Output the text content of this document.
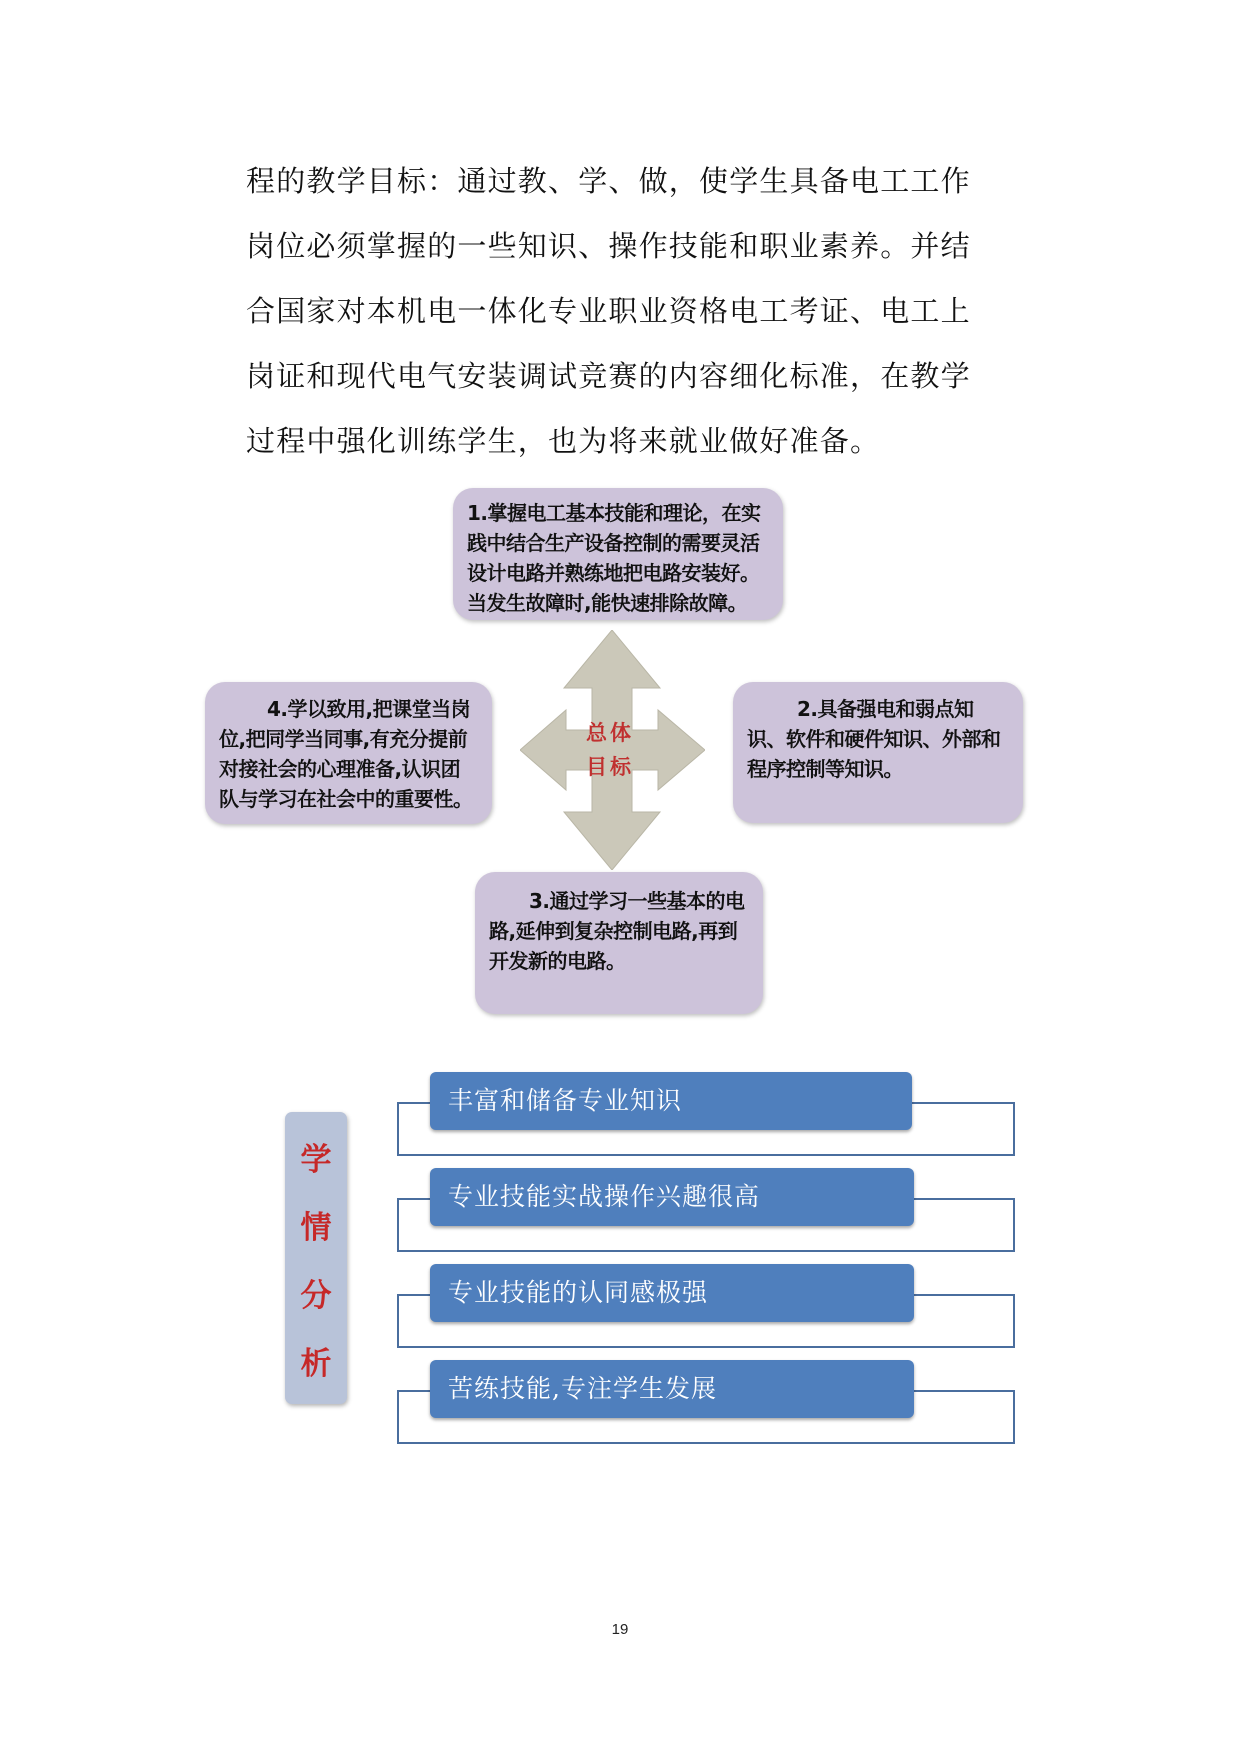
程的教学目标：通过教、学、做，使学生具备电工工作
岗位必须掌握的一些知识、操作技能和职业素养。并结
合国家对本机电一体化专业职业资格电工考证、电工上
岗证和现代电气安装调试竞赛的内容细化标准，在教学
过程中强化训练学生，也为将来就业做好准备。
总体
目标
1.掌握电工基本技能和理论，在实践中结合生产设备控制的需要灵活设计电路并熟练地把电路安装好。当发生故障时,能快速排除故障。
2.具备强电和弱点知识、软件和硬件知识、外部和程序控制等知识。
3.通过学习一些基本的电路,延伸到复杂控制电路,再到开发新的电路。
4.学以致用,把课堂当岗位,把同学当同事,有充分提前对接社会的心理准备,认识团队与学习在社会中的重要性。
学
情
分
析
丰富和储备专业知识
专业技能实战操作兴趣很高
专业技能的认同感极强
苦练技能,专注学生发展
19
